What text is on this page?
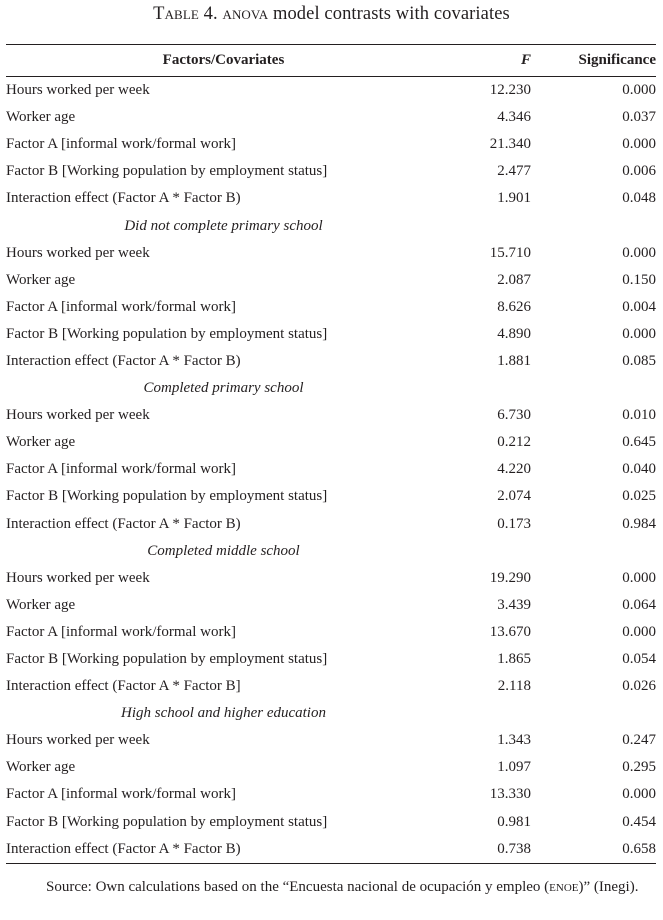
Table 4. anova model contrasts with covariates
Factors/Covariates	F	Significance
Hours worked per week	12.230	0.000
Worker age	4.346	0.037
Factor A [informal work/formal work]	21.340	0.000
Factor B [Working population by employment status]	2.477	0.006
Interaction effect (Factor A * Factor B)	1.901	0.048
Did not complete primary school		
Hours worked per week	15.710	0.000
Worker age	2.087	0.150
Factor A [informal work/formal work]	8.626	0.004
Factor B [Working population by employment status]	4.890	0.000
Interaction effect (Factor A * Factor B)	1.881	0.085
Completed primary school		
Hours worked per week	6.730	0.010
Worker age	0.212	0.645
Factor A [informal work/formal work]	4.220	0.040
Factor B [Working population by employment status]	2.074	0.025
Interaction effect (Factor A * Factor B)	0.173	0.984
Completed middle school		
Hours worked per week	19.290	0.000
Worker age	3.439	0.064
Factor A [informal work/formal work]	13.670	0.000
Factor B [Working population by employment status]	1.865	0.054
Interaction effect (Factor A * Factor B]	2.118	0.026
High school and higher education		
Hours worked per week	1.343	0.247
Worker age	1.097	0.295
Factor A [informal work/formal work]	13.330	0.000
Factor B [Working population by employment status]	0.981	0.454
Interaction effect (Factor A * Factor B)	0.738	0.658
Source: Own calculations based on the “Encuesta nacional de ocupación y empleo (enoe)” (Inegi).
